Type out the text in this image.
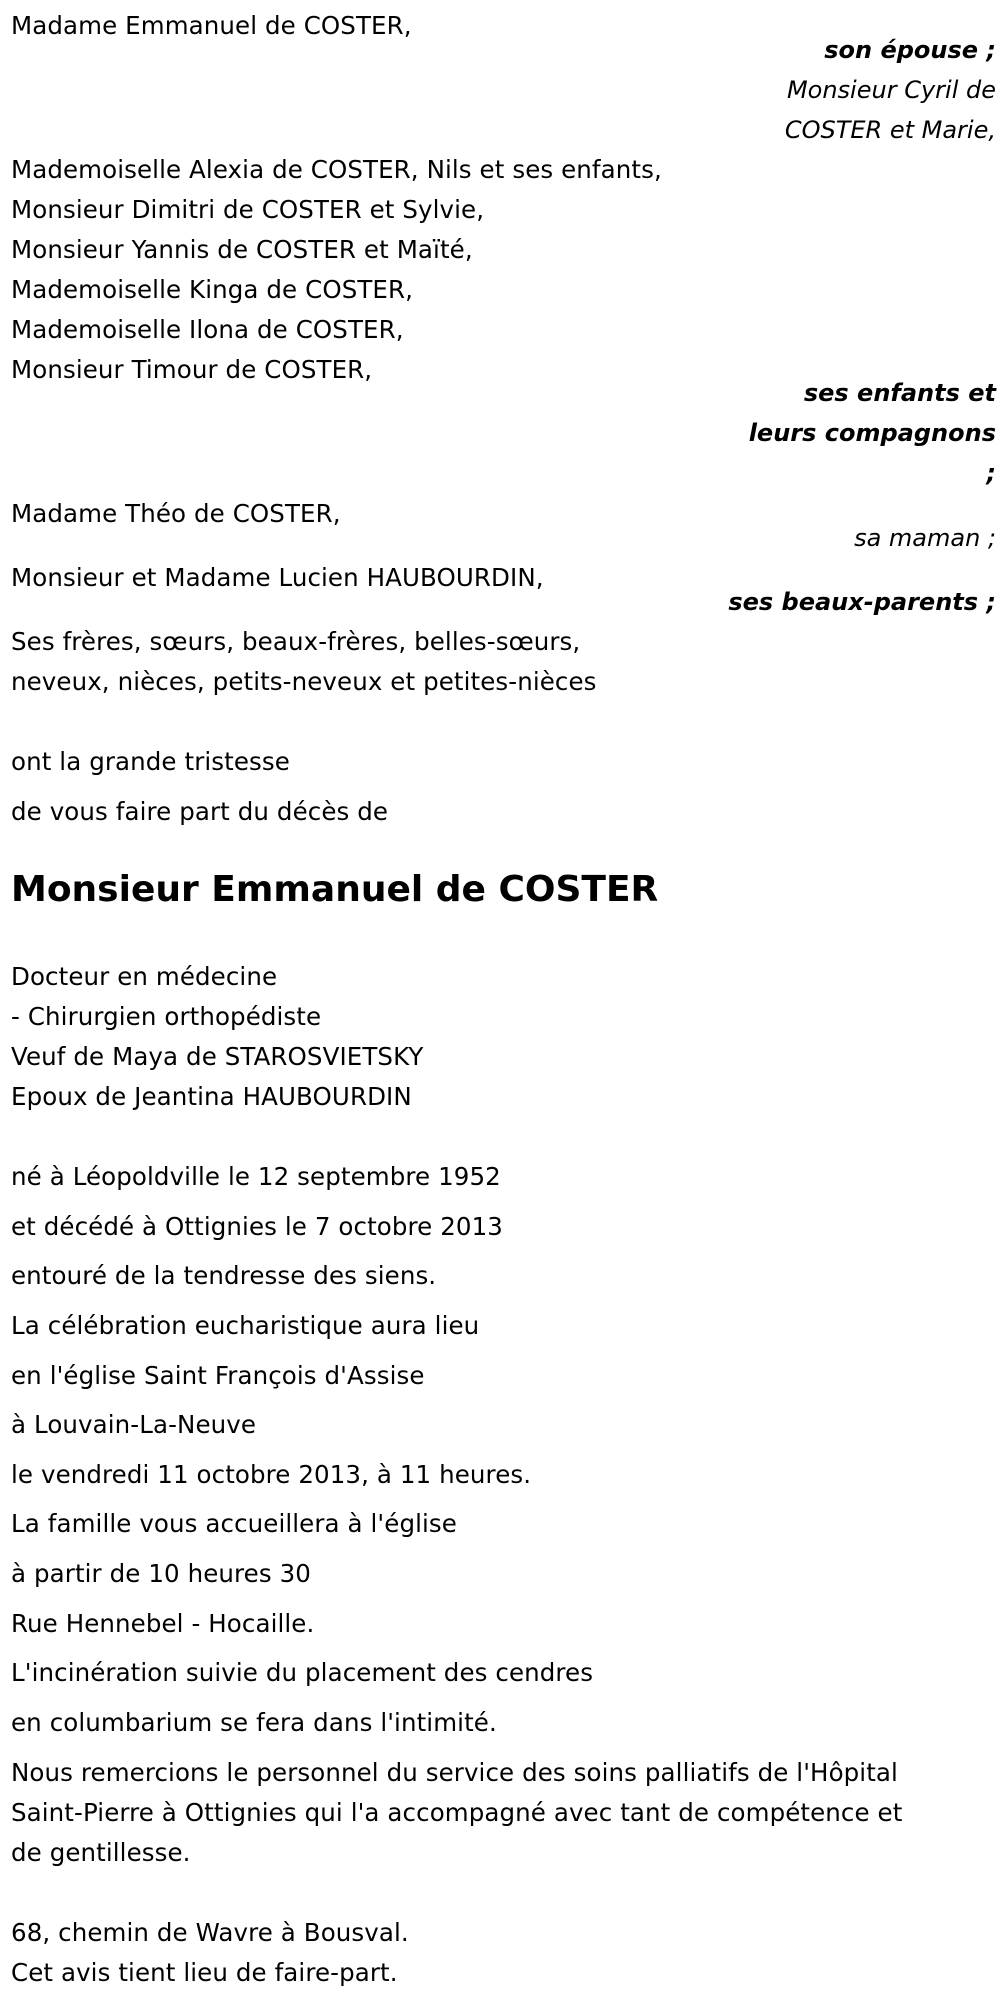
Madame Emmanuel de COSTER,
son épouse ;
Monsieur Cyril de
COSTER et Marie,
Mademoiselle Alexia de COSTER, Nils et ses enfants,
Monsieur Dimitri de COSTER et Sylvie,
Monsieur Yannis de COSTER et Maïté,
Mademoiselle Kinga de COSTER,
Mademoiselle Ilona de COSTER,
Monsieur Timour de COSTER,
ses enfants et
leurs compagnons
;
Madame Théo de COSTER,
sa maman ;
Monsieur et Madame Lucien HAUBOURDIN,
ses beaux-parents ;
Ses frères, sœurs, beaux-frères, belles-sœurs,
neveux, nièces, petits-neveux et petites-nièces
ont la grande tristesse
de vous faire part du décès de
Monsieur Emmanuel de COSTER
Docteur en médecine
- Chirurgien orthopédiste
Veuf de Maya de STAROSVIETSKY
Epoux de Jeantina HAUBOURDIN
né à Léopoldville le 12 septembre 1952
et décédé à Ottignies le 7 octobre 2013
entouré de la tendresse des siens.
La célébration eucharistique aura lieu
en l'église Saint François d'Assise
à Louvain-La-Neuve
le vendredi 11 octobre 2013, à 11 heures.
La famille vous accueillera à l'église
à partir de 10 heures 30
Rue Hennebel - Hocaille.
L'incinération suivie du placement des cendres
en columbarium se fera dans l'intimité.
Nous remercions le personnel du service des soins palliatifs de l'Hôpital
Saint-Pierre à Ottignies qui l'a accompagné avec tant de compétence et
de gentillesse.
68, chemin de Wavre à Bousval.
Cet avis tient lieu de faire-part.
